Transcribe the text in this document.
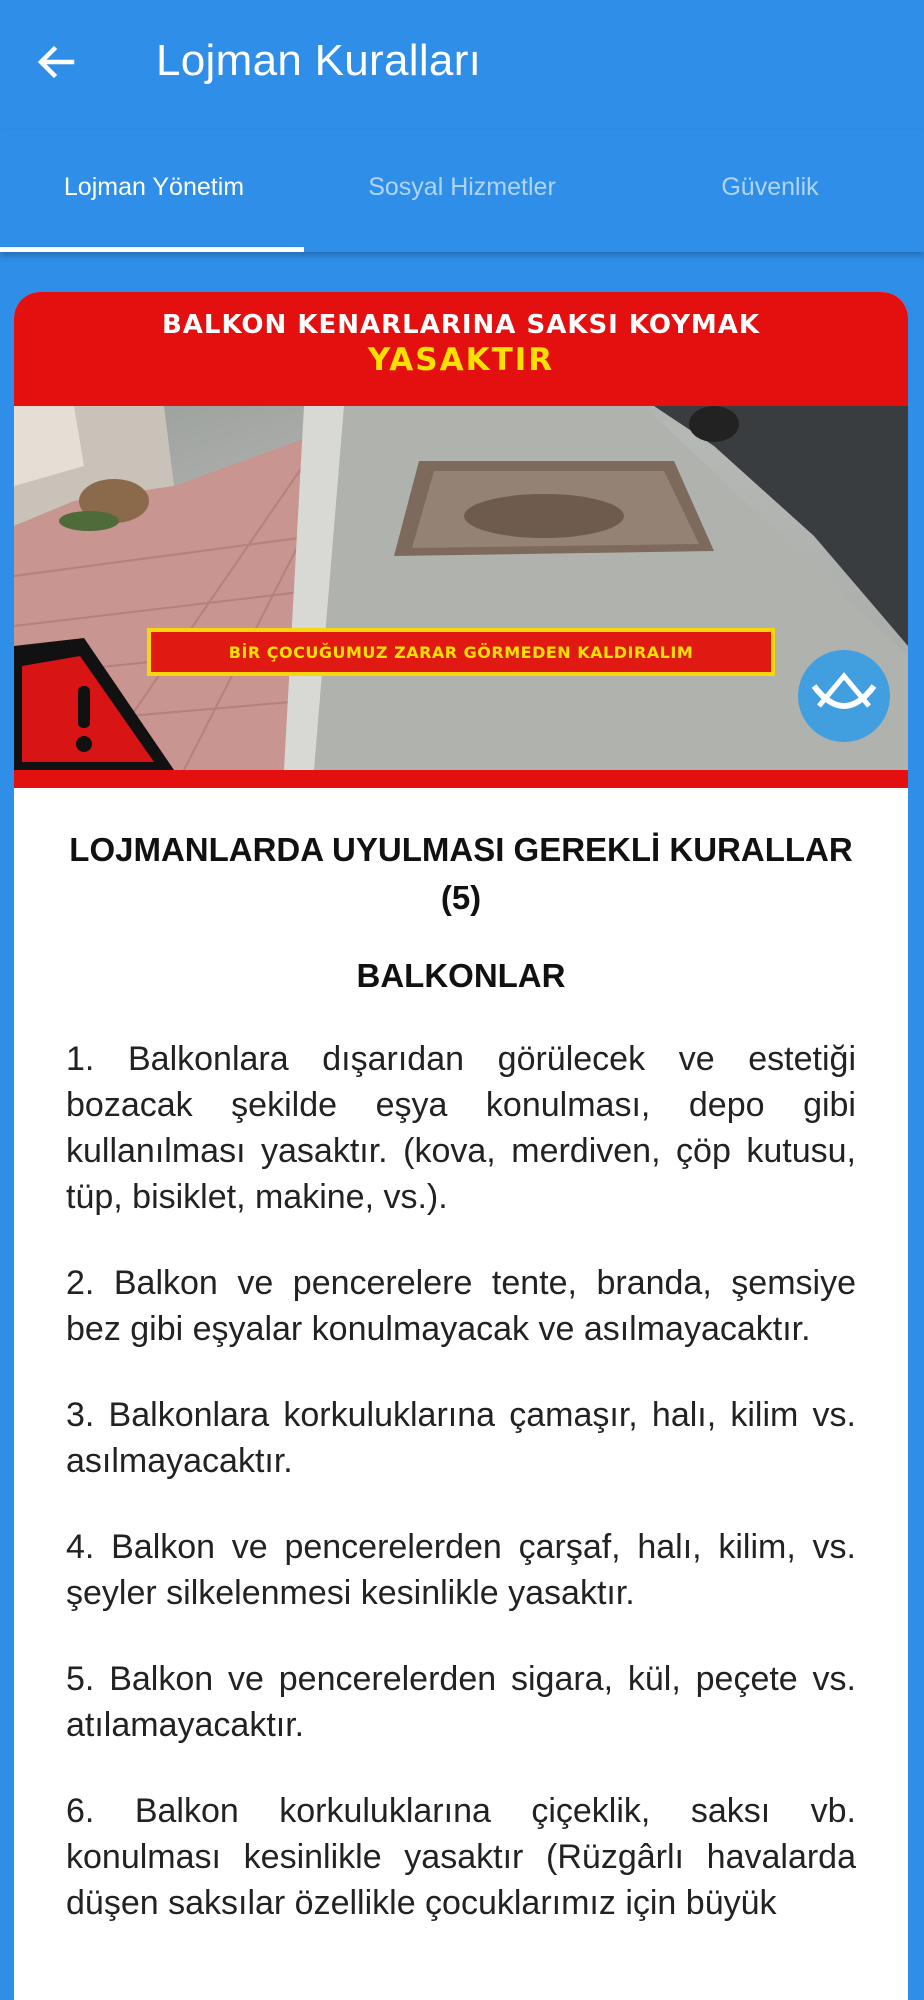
Lojman Kuralları
Lojman Yönetim	Sosyal Hizmetler	Güvenlik
BALKON KENARLARINA SAKSI KOYMAK
YASAKTIR
BİR ÇOCUĞUMUZ ZARAR GÖRMEDEN KALDIRALIM
LOJMANLARDA UYULMASI GEREKLİ KURALLAR (5)
BALKONLAR

1. Balkonlara dışarıdan görülecek ve estetiği bozacak şekilde eşya konulması, depo gibi kullanılması yasaktır. (kova, merdiven, çöp kutusu, tüp, bisiklet, makine, vs.).

2. Balkon ve pencerelere tente, branda, şemsiye bez gibi eşyalar konulmayacak ve asılmayacaktır.

3. Balkonlara korkuluklarına çamaşır, halı, kilim vs. asılmayacaktır.

4. Balkon ve pencerelerden çarşaf, halı, kilim, vs. şeyler silkelenmesi kesinlikle yasaktır.

5. Balkon ve pencerelerden sigara, kül, peçete vs. atılamayacaktır.

6. Balkon korkuluklarına çiçeklik, saksı vb. konulması kesinlikle yasaktır (Rüzgârlı havalarda düşen saksılar özellikle çocuklarımız için büyük
